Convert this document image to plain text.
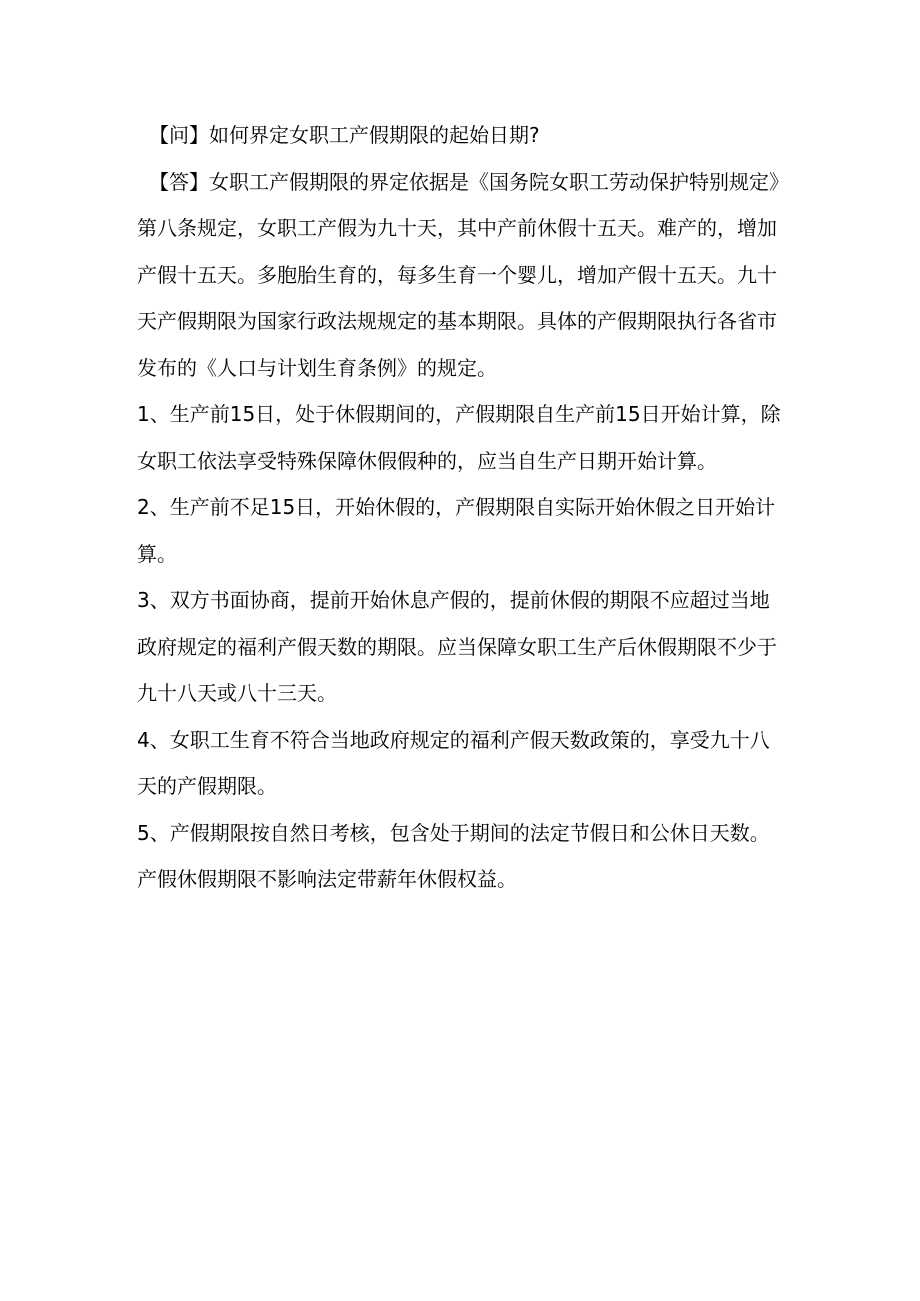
【问】如何界定女职工产假期限的起始日期?

【答】女职工产假期限的界定依据是《国务院女职工劳动保护特别规定》第八条规定，女职工产假为九十天，其中产前休假十五天。难产的，增加产假十五天。多胞胎生育的，每多生育一个婴儿，增加产假十五天。九十天产假期限为国家行政法规规定的基本期限。具体的产假期限执行各省市发布的《人口与计划生育条例》的规定。

1、生产前15日，处于休假期间的，产假期限自生产前15日开始计算，除女职工依法享受特殊保障休假假种的，应当自生产日期开始计算。

2、生产前不足15日，开始休假的，产假期限自实际开始休假之日开始计算。

3、双方书面协商，提前开始休息产假的，提前休假的期限不应超过当地政府规定的福利产假天数的期限。应当保障女职工生产后休假期限不少于九十八天或八十三天。

4、女职工生育不符合当地政府规定的福利产假天数政策的，享受九十八天的产假期限。

5、产假期限按自然日考核，包含处于期间的法定节假日和公休日天数。产假休假期限不影响法定带薪年休假权益。
